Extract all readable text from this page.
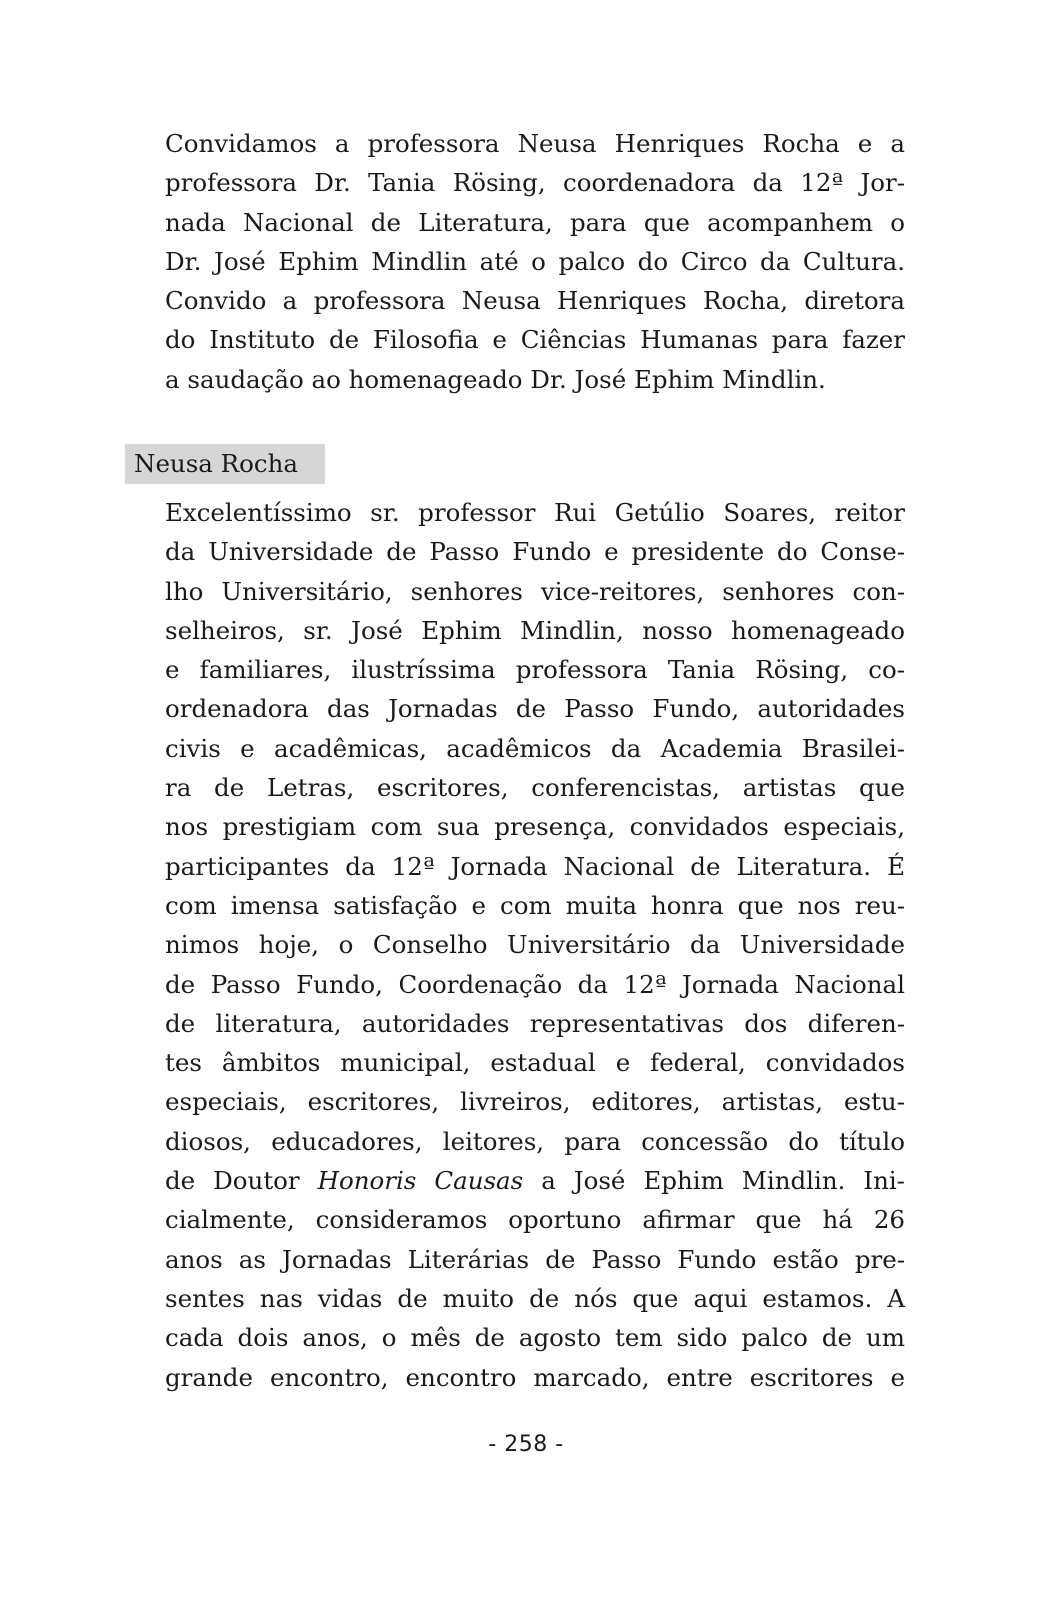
Convidamos a professora Neusa Henriques Rocha e a
professora Dr. Tania Rösing, coordenadora da 12ª Jor-
nada Nacional de Literatura, para que acompanhem o
Dr. José Ephim Mindlin até o palco do Circo da Cultura.
Convido a professora Neusa Henriques Rocha, diretora
do Instituto de Filosofia e Ciências Humanas para fazer
a saudação ao homenageado Dr. José Ephim Mindlin.
Neusa Rocha
Excelentíssimo sr. professor Rui Getúlio Soares, reitor
da Universidade de Passo Fundo e presidente do Conse-
lho Universitário, senhores vice-reitores, senhores con-
selheiros, sr. José Ephim Mindlin, nosso homenageado
e familiares, ilustríssima professora Tania Rösing, co-
ordenadora das Jornadas de Passo Fundo, autoridades
civis e acadêmicas, acadêmicos da Academia Brasilei-
ra de Letras, escritores, conferencistas, artistas que
nos prestigiam com sua presença, convidados especiais,
participantes da 12ª Jornada Nacional de Literatura. É
com imensa satisfação e com muita honra que nos reu-
nimos hoje, o Conselho Universitário da Universidade
de Passo Fundo, Coordenação da 12ª Jornada Nacional
de literatura, autoridades representativas dos diferen-
tes âmbitos municipal, estadual e federal, convidados
especiais, escritores, livreiros, editores, artistas, estu-
diosos, educadores, leitores, para concessão do título
de Doutor Honoris Causas a José Ephim Mindlin. Ini-
cialmente, consideramos oportuno afirmar que há 26
anos as Jornadas Literárias de Passo Fundo estão pre-
sentes nas vidas de muito de nós que aqui estamos. A
cada dois anos, o mês de agosto tem sido palco de um
grande encontro, encontro marcado, entre escritores e
- 258 -
